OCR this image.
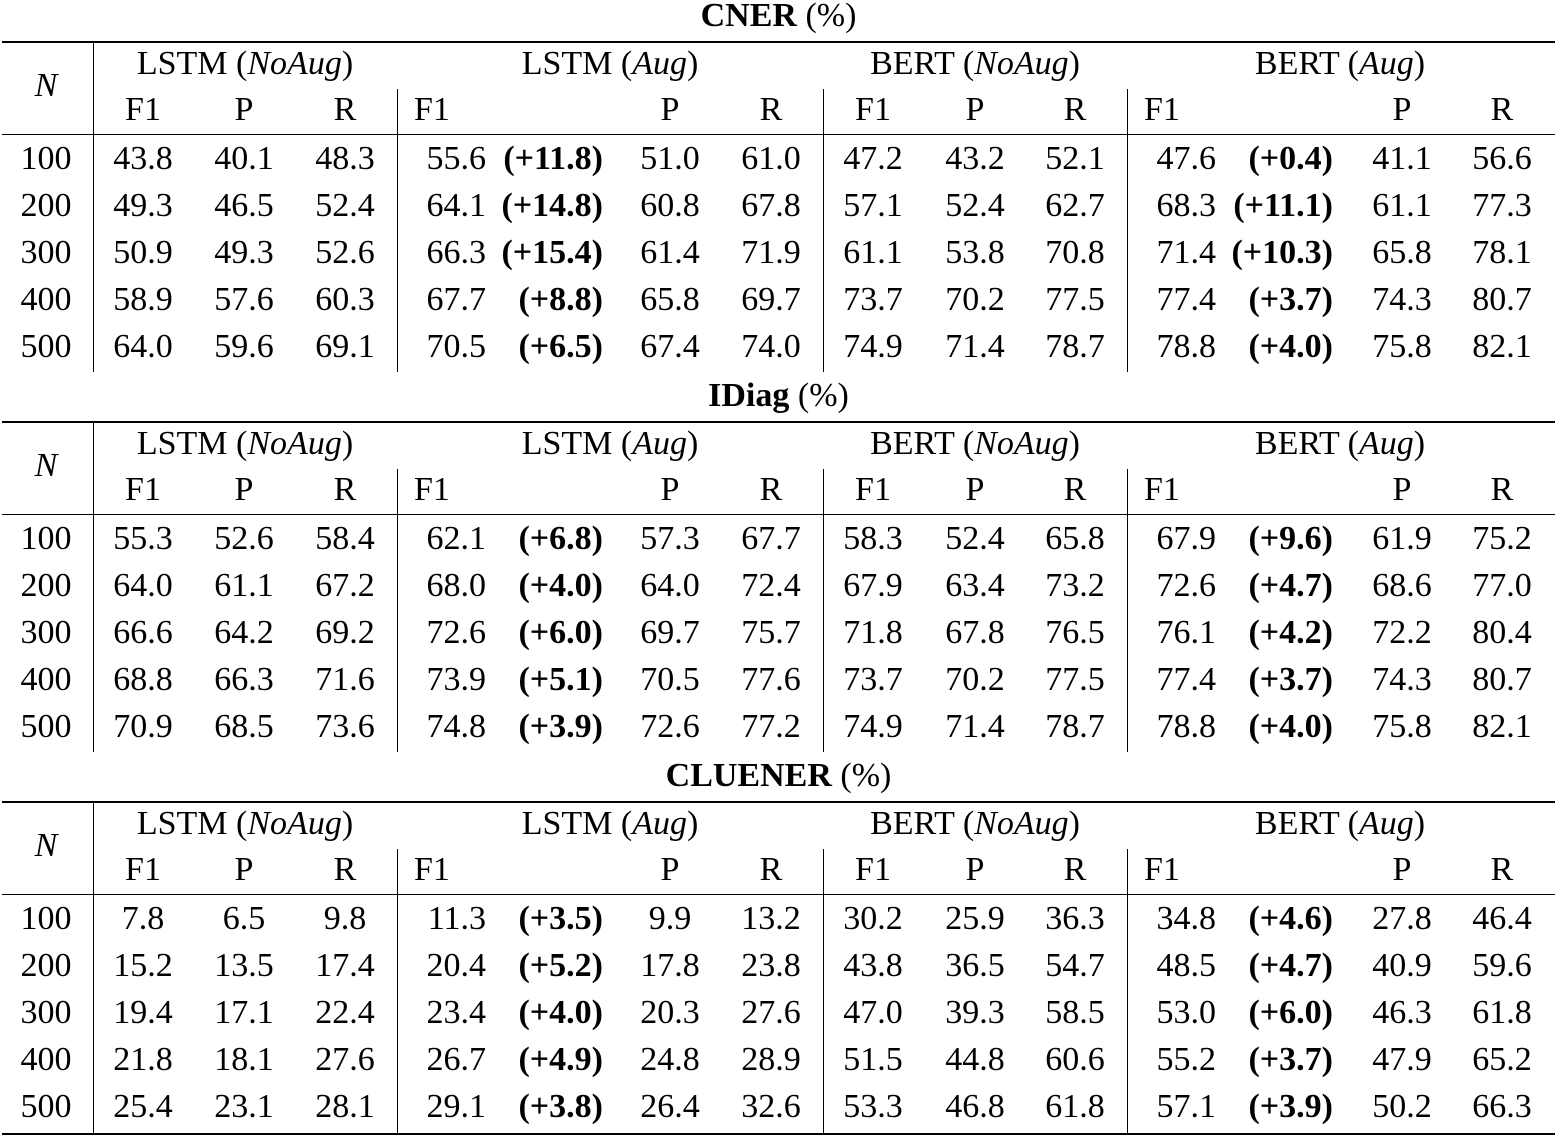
CNER (%)
N
LSTM (NoAug)	LSTM (Aug)	BERT (NoAug)	BERT (Aug)
F1 P R F1	P R F1 P R F1	P R
100 43.8 40.1 48.3 55.6 (+11.8) 51.0 61.0 47.2 43.2 52.1 47.6 (+0.4) 41.1 56.6
200 49.3 46.5 52.4 64.1 (+14.8) 60.8 67.8 57.1 52.4 62.7 68.3 (+11.1) 61.1 77.3
300 50.9 49.3 52.6 66.3 (+15.4) 61.4 71.9 61.1 53.8 70.8 71.4 (+10.3) 65.8 78.1
400 58.9 57.6 60.3 67.7 (+8.8) 65.8 69.7 73.7 70.2 77.5 77.4 (+3.7) 74.3 80.7
500 64.0 59.6 69.1 70.5 (+6.5) 67.4 74.0 74.9 71.4 78.7 78.8 (+4.0) 75.8 82.1
IDiag (%)
N
LSTM (NoAug)	LSTM (Aug)	BERT (NoAug)	BERT (Aug)
F1 P R F1	P R F1 P R F1	P R
100 55.3 52.6 58.4 62.1 (+6.8) 57.3 67.7 58.3 52.4 65.8 67.9 (+9.6) 61.9 75.2
200 64.0 61.1 67.2 68.0 (+4.0) 64.0 72.4 67.9 63.4 73.2 72.6 (+4.7) 68.6 77.0
300 66.6 64.2 69.2 72.6 (+6.0) 69.7 75.7 71.8 67.8 76.5 76.1 (+4.2) 72.2 80.4
400 68.8 66.3 71.6 73.9 (+5.1) 70.5 77.6 73.7 70.2 77.5 77.4 (+3.7) 74.3 80.7
500 70.9 68.5 73.6 74.8 (+3.9) 72.6 77.2 74.9 71.4 78.7 78.8 (+4.0) 75.8 82.1
CLUENER (%)
N
LSTM (NoAug)	LSTM (Aug)	BERT (NoAug)	BERT (Aug)
F1 P R F1	P R F1 P R F1	P R
100 7.8 6.5 9.8 11.3 (+3.5) 9.9 13.2 30.2 25.9 36.3 34.8 (+4.6) 27.8 46.4
200 15.2 13.5 17.4 20.4 (+5.2) 17.8 23.8 43.8 36.5 54.7 48.5 (+4.7) 40.9 59.6
300 19.4 17.1 22.4 23.4 (+4.0) 20.3 27.6 47.0 39.3 58.5 53.0 (+6.0) 46.3 61.8
400 21.8 18.1 27.6 26.7 (+4.9) 24.8 28.9 51.5 44.8 60.6 55.2 (+3.7) 47.9 65.2
500 25.4 23.1 28.1 29.1 (+3.8) 26.4 32.6 53.3 46.8 61.8 57.1 (+3.9) 50.2 66.3
